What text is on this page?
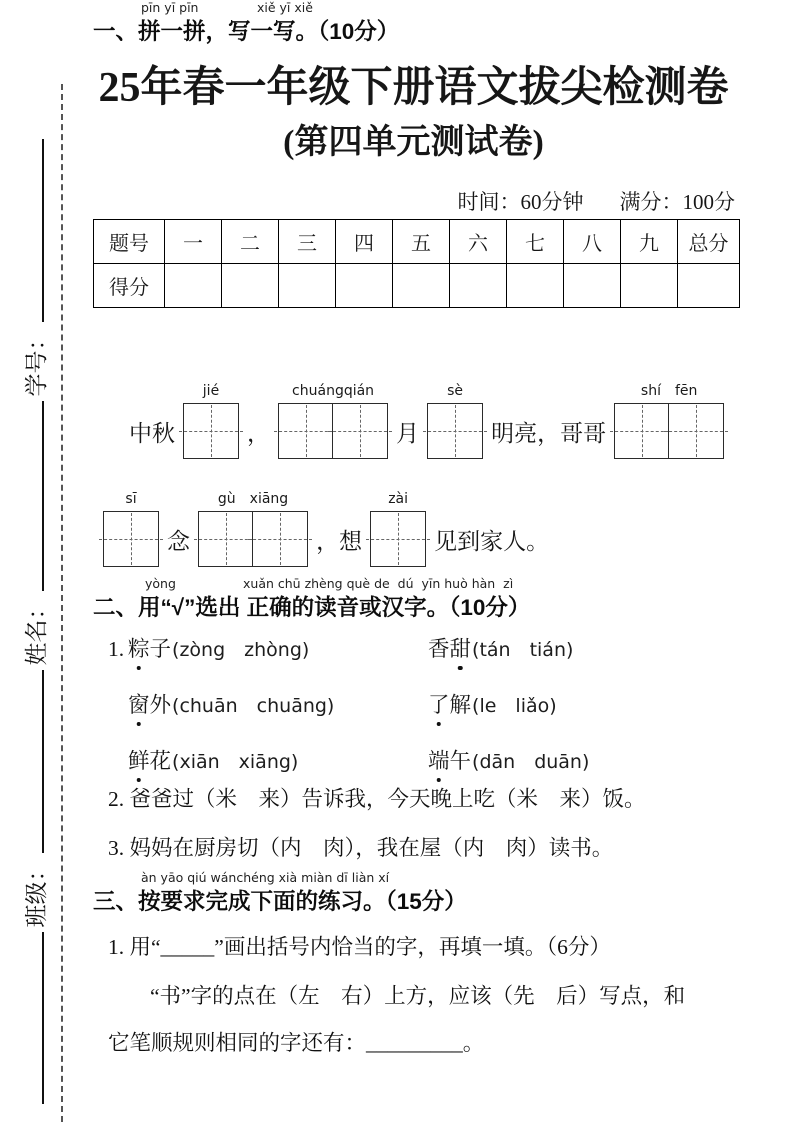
班级：姓名：学号：
25年春一年级下册语文拔尖检测卷
(第四单元测试卷)
时间：60分钟 满分：100分
题号	一	二	三	四	五	六	七	八	九	总分
得分										
pīn yī pīn	xiě yī xiě
一、拼一拼，写一写。（10分）
中秋
jié
，
chuángqián
月
sè
明亮，哥哥
shí　fēn
sī
念
gù　xiāng
，想
zài
见到家人。
yòng	xuǎn chū zhèng què de  dú  yīn huò hàn  zì
二、用“√”选出 正确的读音或汉字。（10分）
1. 粽 子 (zòng　zhòng)	香 甜 (tán　tián)
窗 外 (chuān　chuāng)	了 解 (le　liǎo)
鲜 花 (xiān　xiāng)	端 午 (dān　duān)
2. 爸爸过（米　来）告诉我，今天晚上吃（米　来）饭。
3. 妈妈在厨房切（内　肉），我在屋（内　肉）读书。
àn yāo qiú wánchéng xià miàn dī liàn xí
三、按要求完成下面的练习。（15分）
1. 用“_____”画出括号内恰当的字，再填一填。（6分）
“书”字的点在（左　右）上方，应该（先　后）写点，和
它笔顺规则相同的字还有：_________。
